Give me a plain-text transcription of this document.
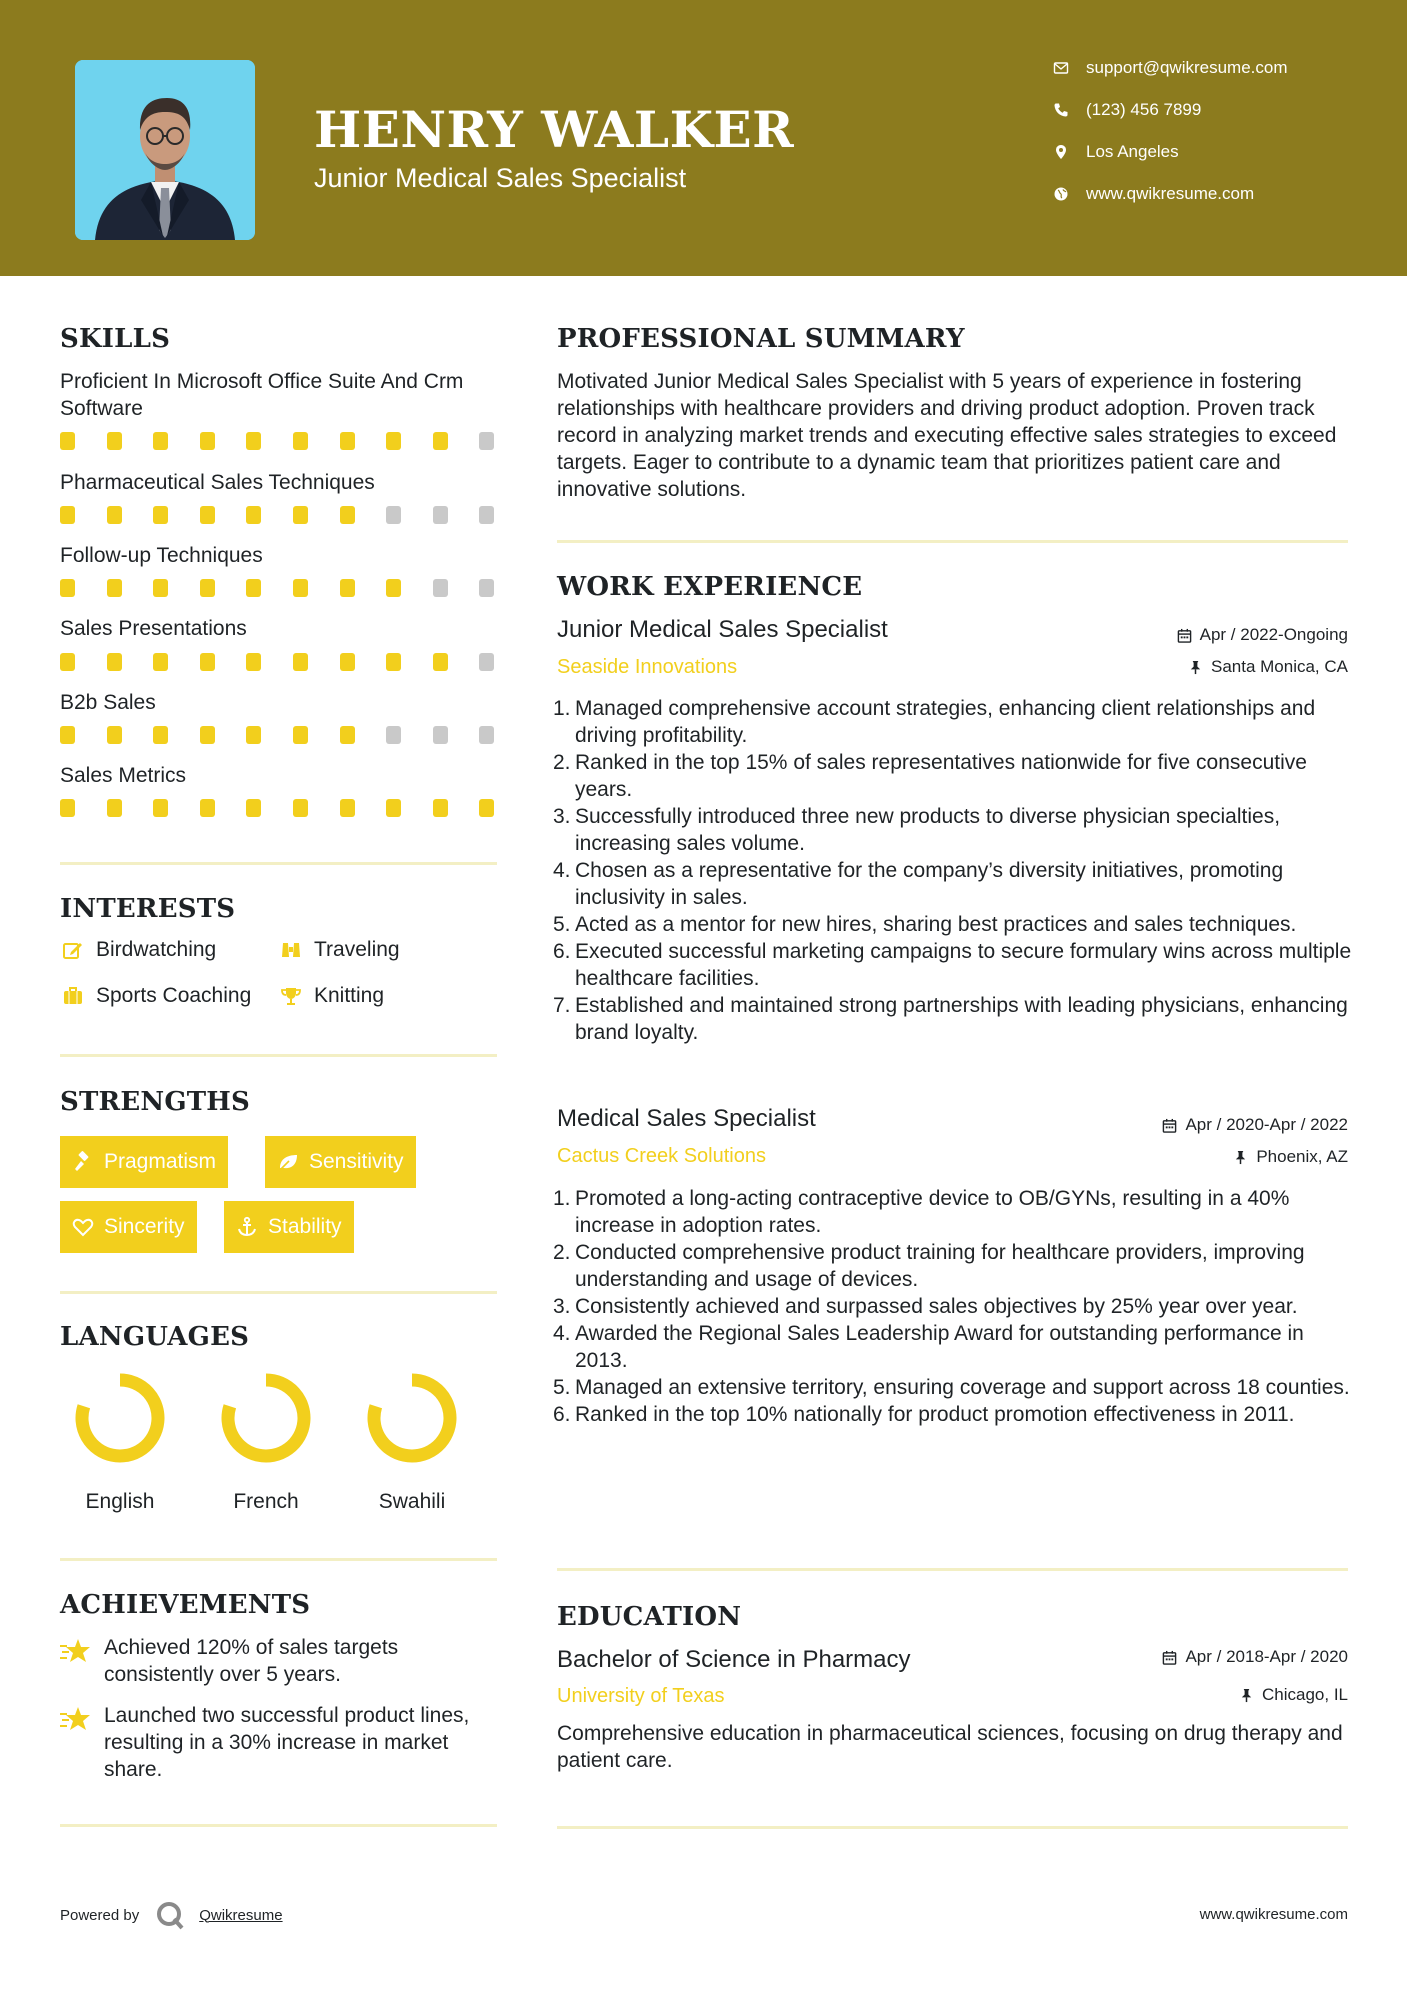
HENRY WALKER
Junior Medical Sales Specialist
support@qwikresume.com
(123) 456 7899
Los Angeles
www.qwikresume.com
SKILLS
Proficient In Microsoft Office Suite And Crm Software
Pharmaceutical Sales Techniques
Follow-up Techniques
Sales Presentations
B2b Sales
Sales Metrics
INTERESTS
Birdwatching	Traveling
Sports Coaching	Knitting
STRENGTHS
Pragmatism	Sensitivity
Sincerity	Stability
LANGUAGES
English	French	Swahili
ACHIEVEMENTS
Achieved 120% of sales targets consistently over 5 years.
Launched two successful product lines, resulting in a 30% increase in market share.
PROFESSIONAL SUMMARY
Motivated Junior Medical Sales Specialist with 5 years of experience in fostering relationships with healthcare providers and driving product adoption. Proven track record in analyzing market trends and executing effective sales strategies to exceed targets. Eager to contribute to a dynamic team that prioritizes patient care and innovative solutions.
WORK EXPERIENCE
Junior Medical Sales Specialist	Apr / 2022-Ongoing
Seaside Innovations	Santa Monica, CA
1. Managed comprehensive account strategies, enhancing client relationships and driving profitability.
2. Ranked in the top 15% of sales representatives nationwide for five consecutive years.
3. Successfully introduced three new products to diverse physician specialties, increasing sales volume.
4. Chosen as a representative for the company’s diversity initiatives, promoting inclusivity in sales.
5. Acted as a mentor for new hires, sharing best practices and sales techniques.
6. Executed successful marketing campaigns to secure formulary wins across multiple healthcare facilities.
7. Established and maintained strong partnerships with leading physicians, enhancing brand loyalty.
Medical Sales Specialist	Apr / 2020-Apr / 2022
Cactus Creek Solutions	Phoenix, AZ
1. Promoted a long-acting contraceptive device to OB/GYNs, resulting in a 40% increase in adoption rates.
2. Conducted comprehensive product training for healthcare providers, improving understanding and usage of devices.
3. Consistently achieved and surpassed sales objectives by 25% year over year.
4. Awarded the Regional Sales Leadership Award for outstanding performance in 2013.
5. Managed an extensive territory, ensuring coverage and support across 18 counties.
6. Ranked in the top 10% nationally for product promotion effectiveness in 2011.
EDUCATION
Bachelor of Science in Pharmacy	Apr / 2018-Apr / 2020
University of Texas	Chicago, IL
Comprehensive education in pharmaceutical sciences, focusing on drug therapy and patient care.
Powered by	Qwikresume	www.qwikresume.com
